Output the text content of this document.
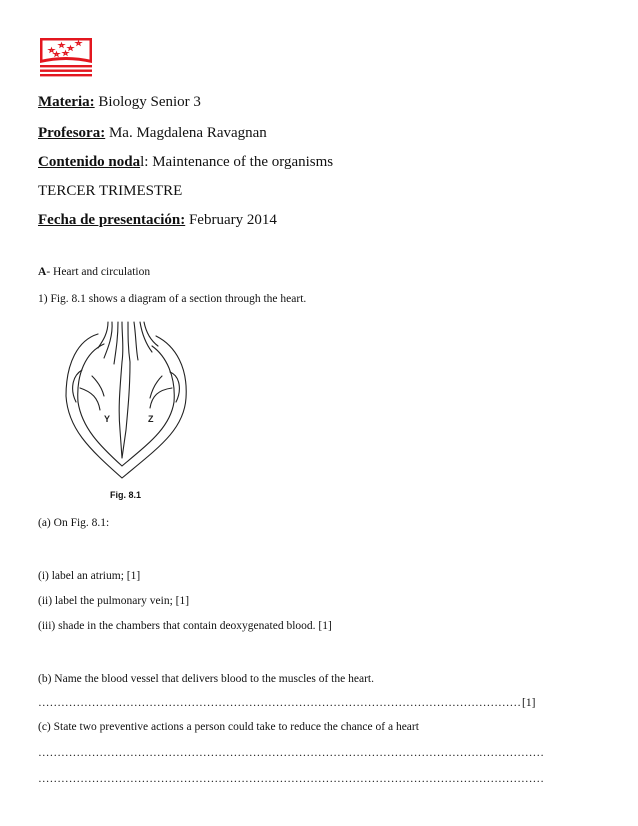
Materia: Biology Senior 3
Profesora: Ma. Magdalena Ravagnan
Contenido nodal: Maintenance of the organisms
TERCER TRIMESTRE
Fecha de presentación: February 2014
A- Heart and circulation
1) Fig. 8.1 shows a diagram of a section through the heart.
Y	Z
Fig. 8.1
(a) On Fig. 8.1:
(i) label an atrium; [1]
(ii) label the pulmonary vein; [1]
(iii) shade in the chambers that contain deoxygenated blood. [1]
(b) Name the blood vessel that delivers blood to the muscles of the heart.
……………………………………………………………………………………………………………… [1]
(c) State two preventive actions a person could take to reduce the chance of a heart
……………………………………………………………………………………………………………………
……………………………………………………………………………………………………………………
